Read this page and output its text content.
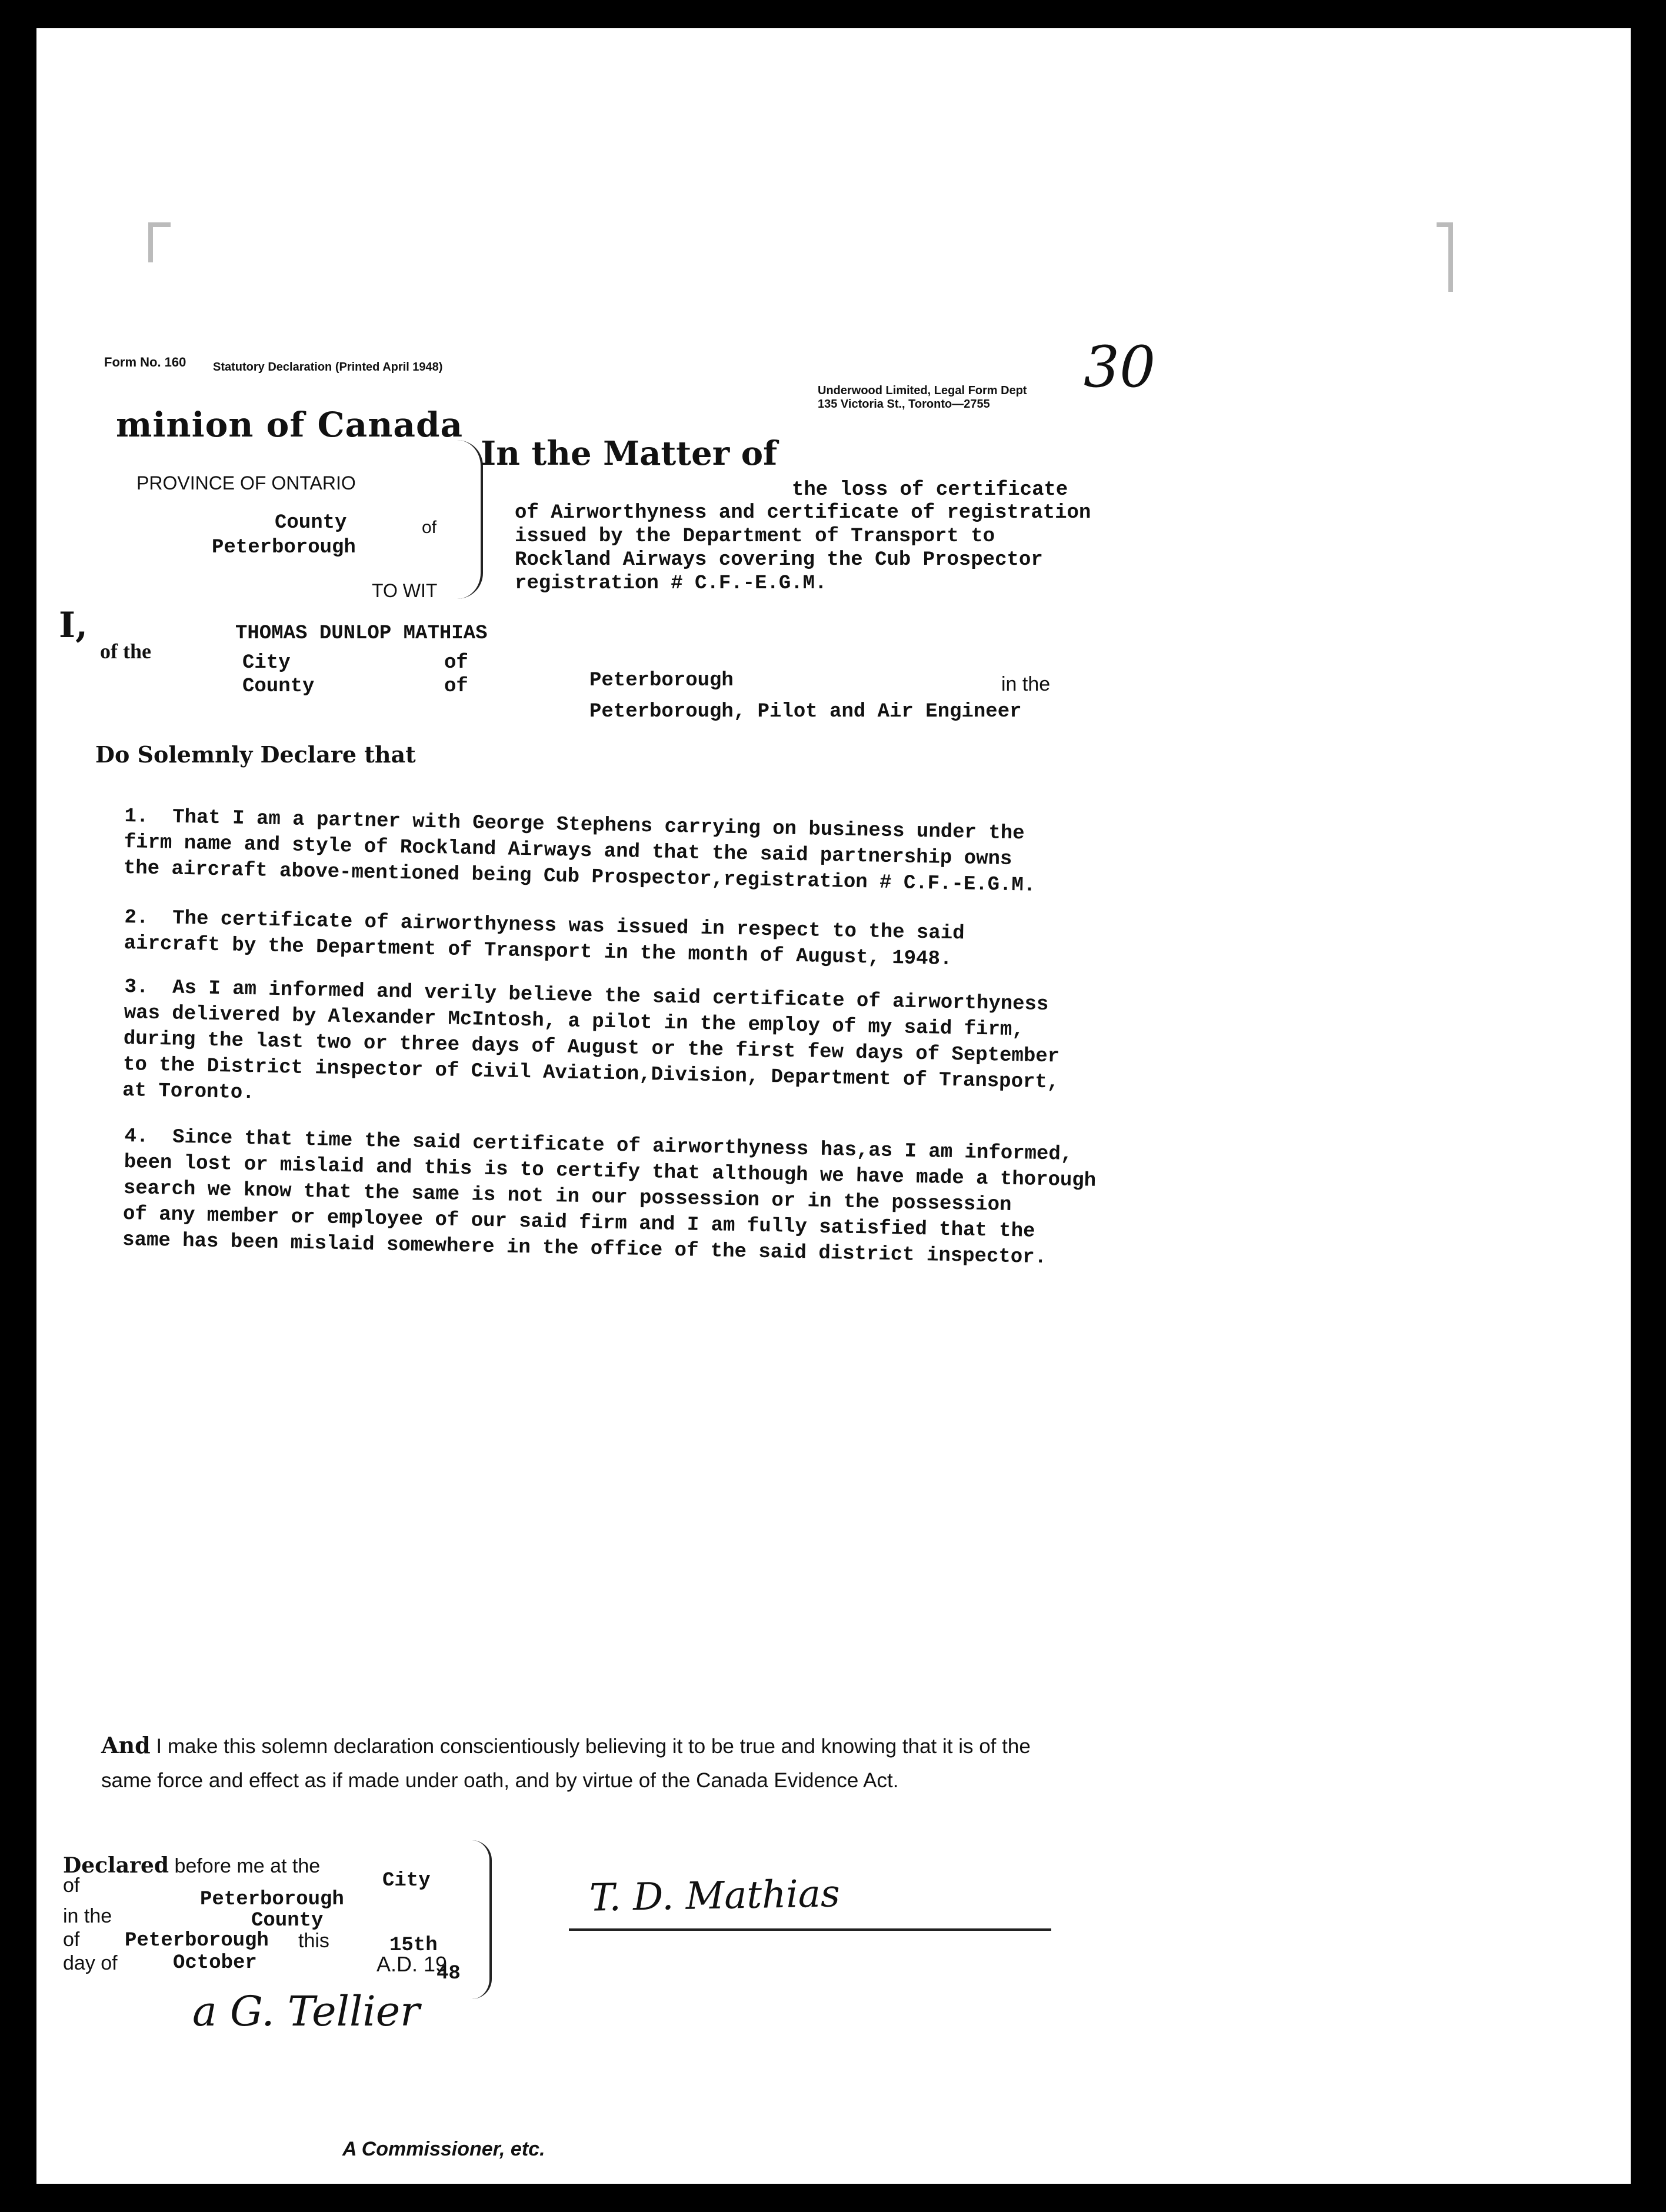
Form No. 160 Statutory Declaration (Printed April 1948)	30
Underwood Limited, Legal Form Dept
135 Victoria St., Toronto—2755
minion of Canada
PROVINCE OF ONTARIO
County
Peterborough
of
TO WIT
In the Matter of
the loss of certificate
of Airworthyness and certificate of registration
issued by the Department of Transport to
Rockland Airways covering the Cub Prospector
registration # C.F.-E.G.M.
I,
of the
THOMAS DUNLOP MATHIAS
City
County
of
of	Peterborough	in the
Peterborough, Pilot and Air Engineer
Do Solemnly Declare that
1.  That I am a partner with George Stephens carrying on business under the
firm name and style of Rockland Airways and that the said partnership owns
the aircraft above-mentioned being Cub Prospector,registration # C.F.-E.G.M.
2.  The certificate of airworthyness was issued in respect to the said
aircraft by the Department of Transport in the month of August, 1948.
3.  As I am informed and verily believe the said certificate of airworthyness
was delivered by Alexander McIntosh, a pilot in the employ of my said firm,
during the last two or three days of August or the first few days of September
to the District inspector of Civil Aviation,Division, Department of Transport,
at Toronto.
4.  Since that time the said certificate of airworthyness has,as I am informed,
been lost or mislaid and this is to certify that although we have made a thorough
search we know that the same is not in our possession or in the possession
of any member or employee of our said firm and I am fully satisfied that the
same has been mislaid somewhere in the office of the said district inspector.
And I make this solemn declaration conscientiously believing it to be true and knowing that it is of the same force and effect as if made under oath, and by virtue of the Canada Evidence Act.
Declared before me at the
of	City
Peterborough
in the	County
of Peterborough this
day of
15th
October	A.D. 19
48
T. D. Mathias
a G. Tellier
A Commissioner, etc.
